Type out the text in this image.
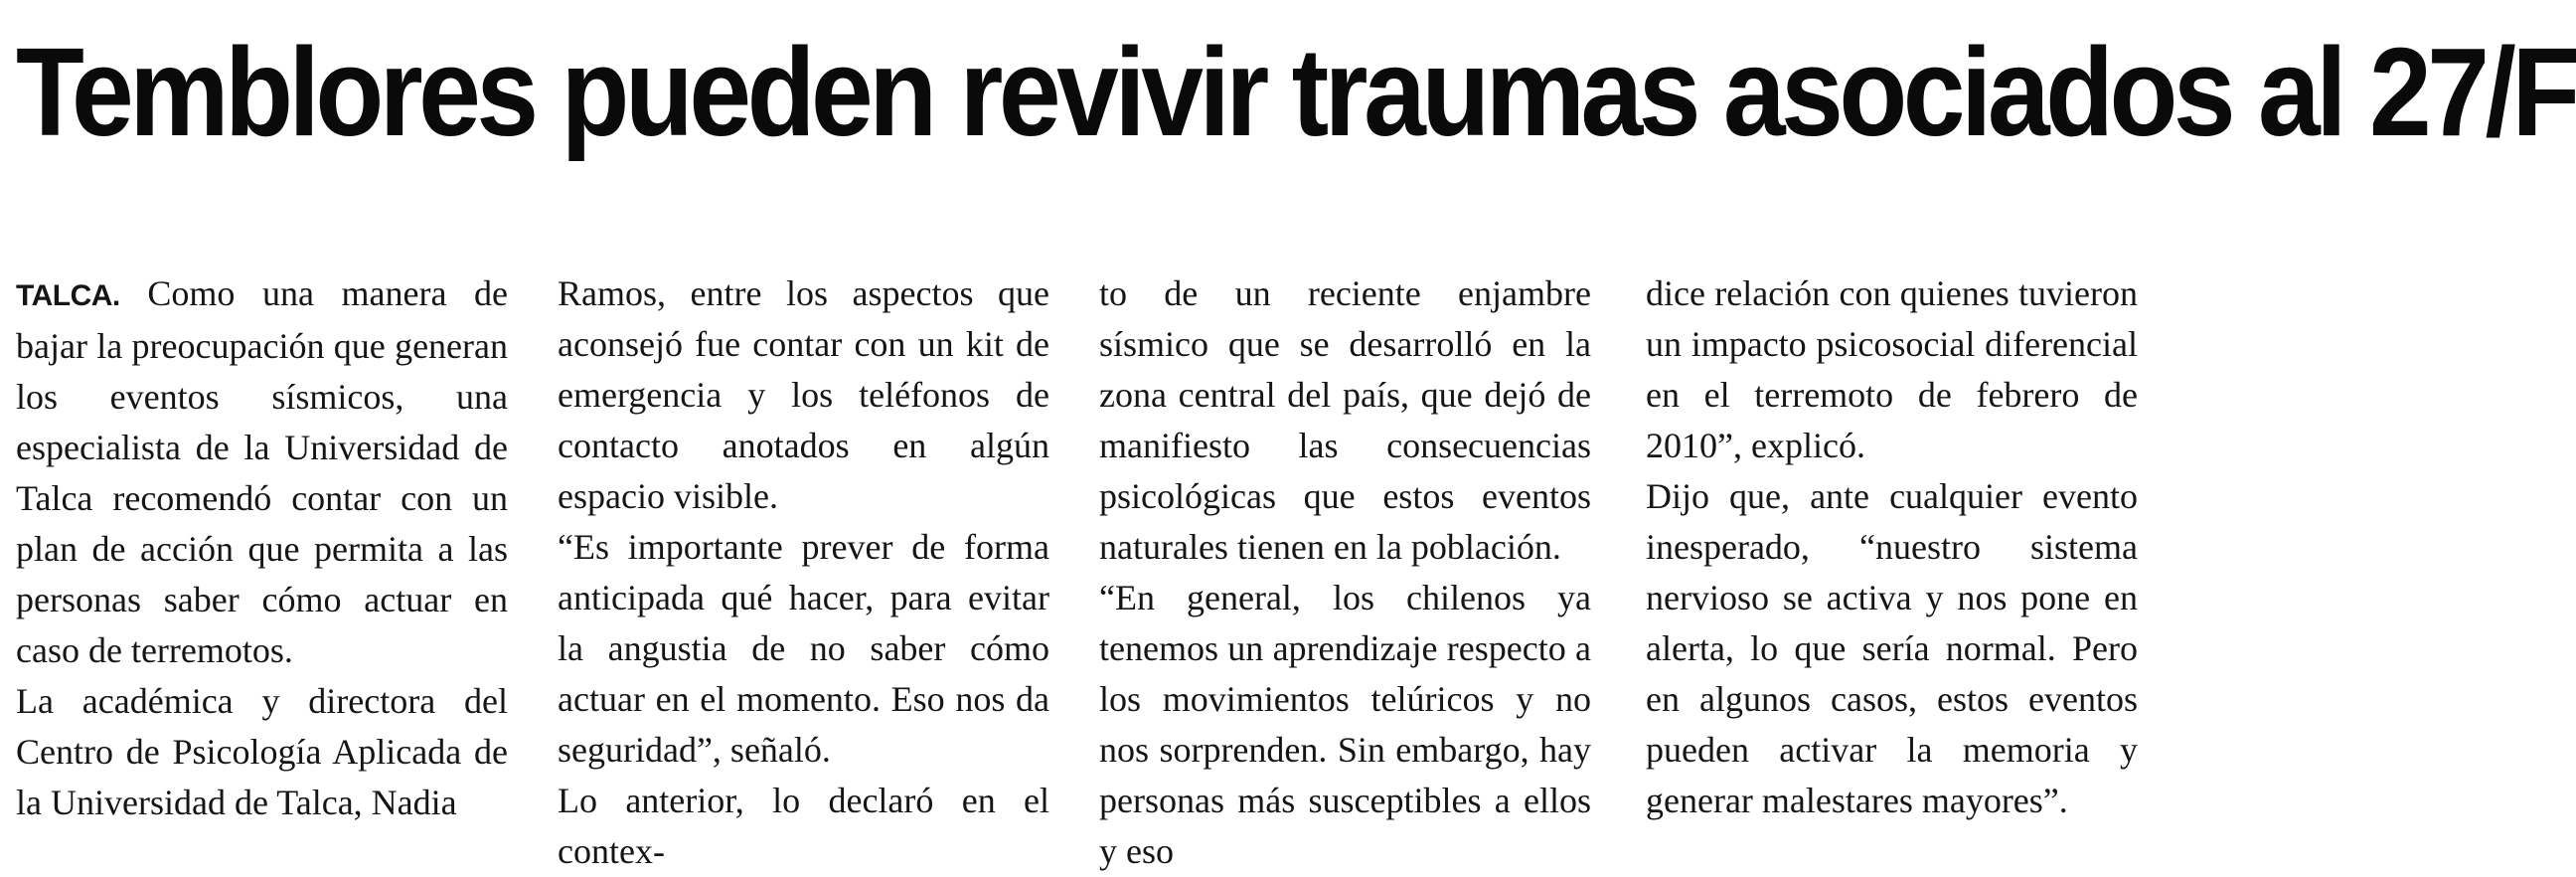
Temblores pueden revivir traumas asociados al 27/F

TALCA. Como una manera de bajar la preocupación que generan los eventos sísmicos, una especialista de la Universidad de Talca recomendó contar con un plan de acción que permita a las personas saber cómo actuar en caso de terremotos.

La académica y directora del Centro de Psicología Aplicada de la Universidad de Talca, Nadia

Ramos, entre los aspectos que aconsejó fue contar con un kit de emergencia y los teléfonos de contacto anotados en algún espacio visible.

“Es importante prever de forma anticipada qué hacer, para evitar la angustia de no saber cómo actuar en el momento. Eso nos da seguridad”, señaló.

Lo anterior, lo declaró en el contex-

to de un reciente enjambre sísmico que se desarrolló en la zona central del país, que dejó de manifiesto las consecuencias psicológicas que estos eventos naturales tienen en la población.

“En general, los chilenos ya tenemos un aprendizaje respecto a los movimientos telúricos y no nos sorprenden. Sin embargo, hay personas más susceptibles a ellos y eso

dice relación con quienes tuvieron un impacto psicosocial diferencial en el terremoto de febrero de 2010”, explicó.

Dijo que, ante cualquier evento inesperado, “nuestro sistema nervioso se activa y nos pone en alerta, lo que sería normal. Pero en algunos casos, estos eventos pueden activar la memoria y generar malestares mayores”.
